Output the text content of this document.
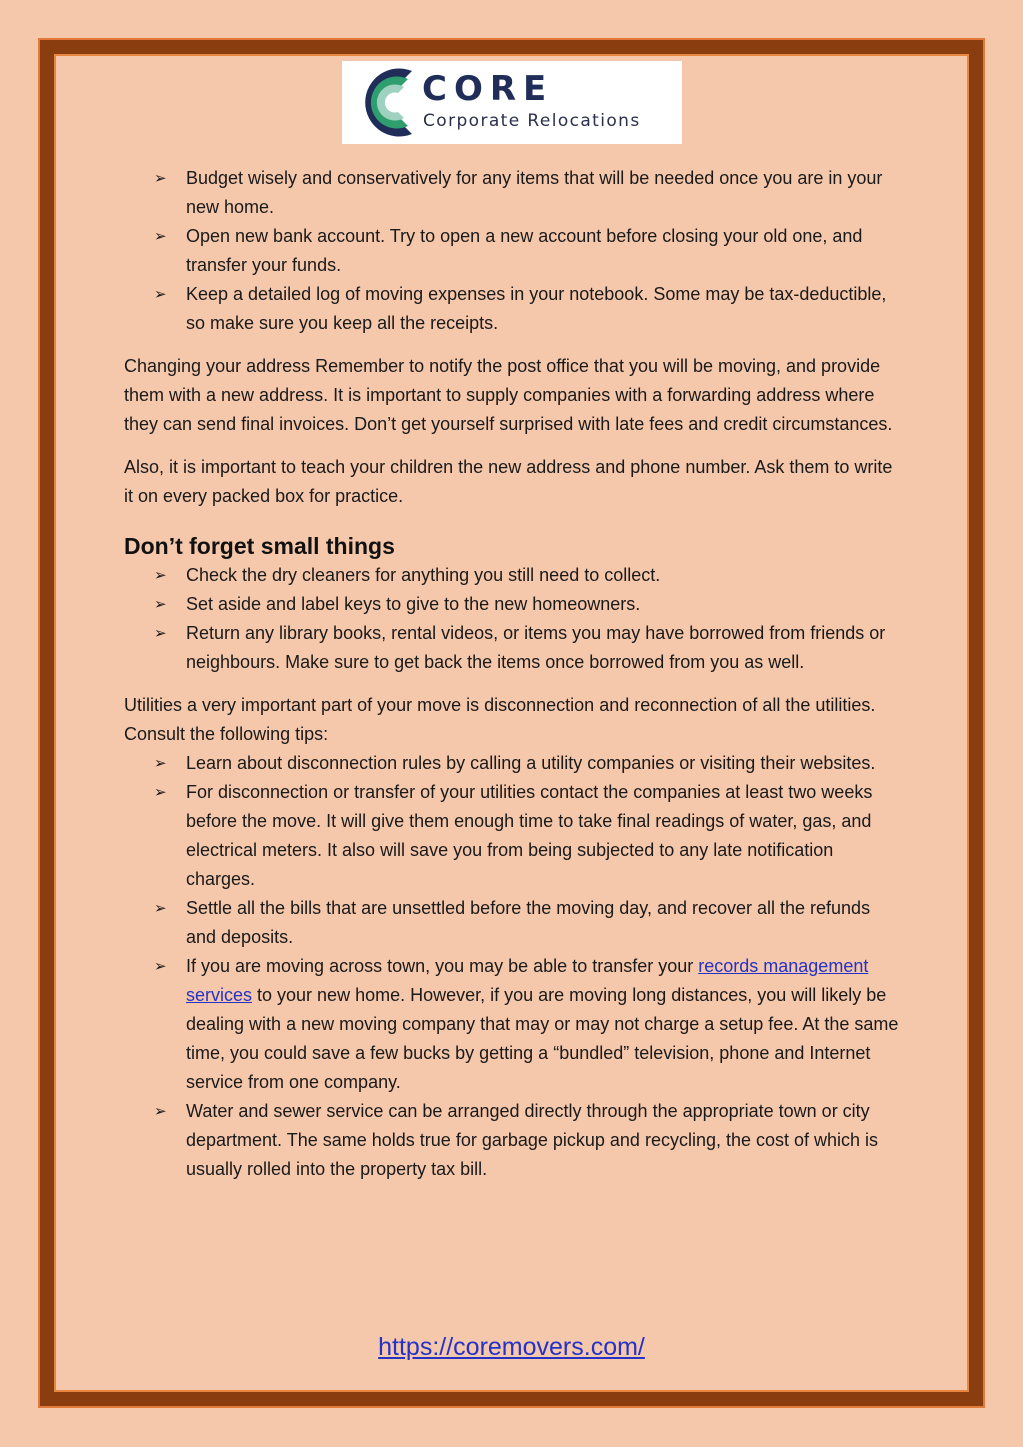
CORE
Corporate Relocations
➢ Budget wisely and conservatively for any items that will be needed once you are in your new home.
➢ Open new bank account. Try to open a new account before closing your old one, and transfer your funds.
➢ Keep a detailed log of moving expenses in your notebook. Some may be tax-deductible, so make sure you keep all the receipts.

Changing your address Remember to notify the post office that you will be moving, and provide them with a new address. It is important to supply companies with a forwarding address where they can send final invoices. Don’t get yourself surprised with late fees and credit circumstances.

Also, it is important to teach your children the new address and phone number. Ask them to write it on every packed box for practice.

Don’t forget small things
➢ Check the dry cleaners for anything you still need to collect.
➢ Set aside and label keys to give to the new homeowners.
➢ Return any library books, rental videos, or items you may have borrowed from friends or neighbours. Make sure to get back the items once borrowed from you as well.

Utilities a very important part of your move is disconnection and reconnection of all the utilities. Consult the following tips:

➢ Learn about disconnection rules by calling a utility companies or visiting their websites.
➢ For disconnection or transfer of your utilities contact the companies at least two weeks before the move. It will give them enough time to take final readings of water, gas, and electrical meters. It also will save you from being subjected to any late notification charges.
➢ Settle all the bills that are unsettled before the moving day, and recover all the refunds and deposits.
➢ If you are moving across town, you may be able to transfer your records management services to your new home. However, if you are moving long distances, you will likely be dealing with a new moving company that may or may not charge a setup fee. At the same time, you could save a few bucks by getting a “bundled” television, phone and Internet service from one company.
➢ Water and sewer service can be arranged directly through the appropriate town or city department. The same holds true for garbage pickup and recycling, the cost of which is usually rolled into the property tax bill.
https://coremovers.com/
